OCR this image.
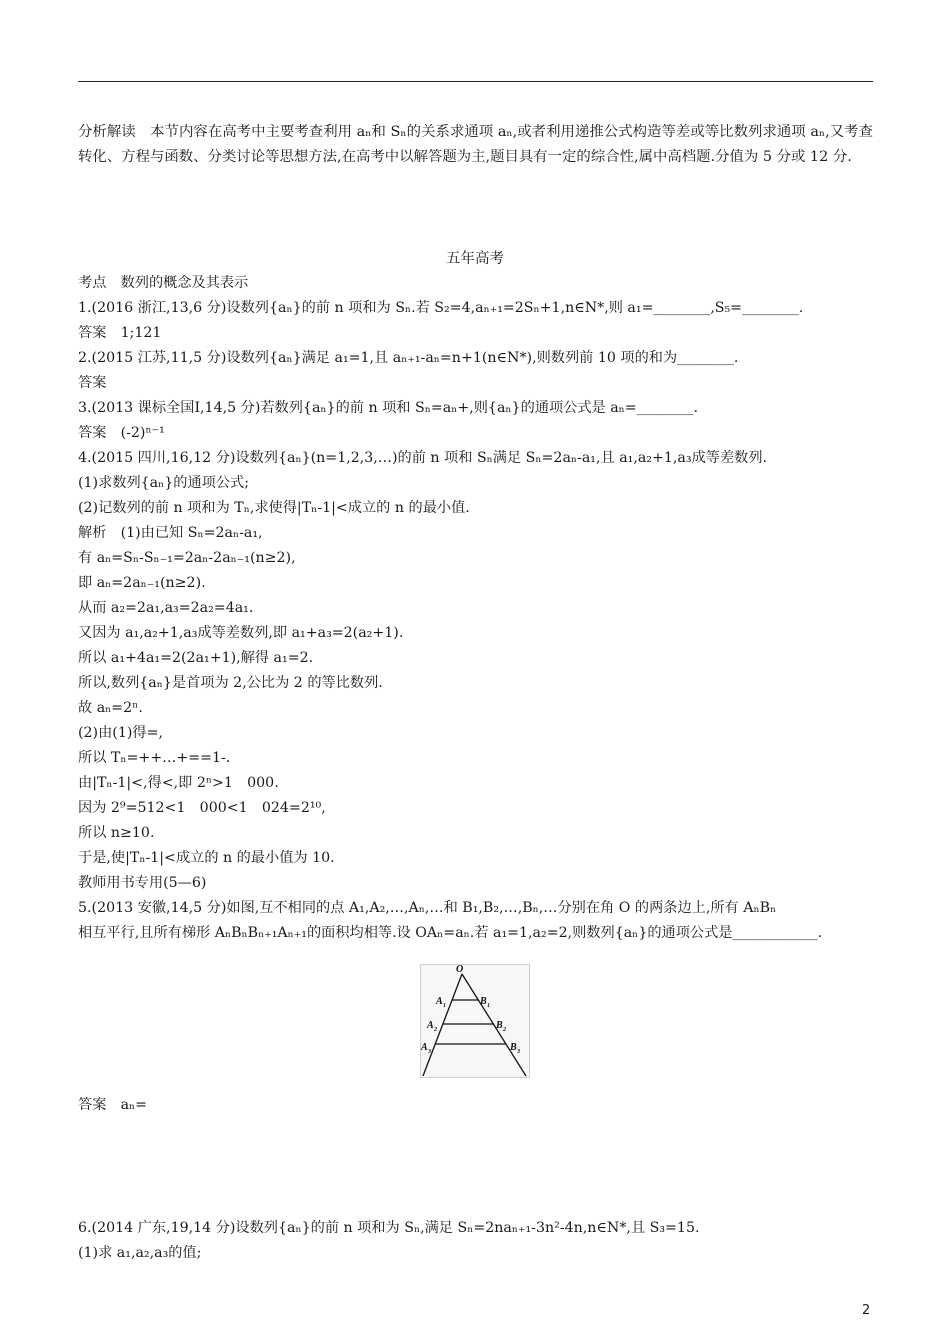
分析解读　本节内容在高考中主要考查利用 aₙ和 Sₙ的关系求通项 aₙ,或者利用递推公式构造等差或等比数列求通项 aₙ,又考查转化、方程与函数、分类讨论等思想方法,在高考中以解答题为主,题目具有一定的综合性,属中高档题.分值为 5 分或 12 分.
五年高考
考点　数列的概念及其表示
1.(2016 浙江,13,6 分)设数列{aₙ}的前 n 项和为 Sₙ.若 S₂=4,aₙ₊₁=2Sₙ+1,n∈N*,则 a₁=________,S₅=________.
答案　1;121
2.(2015 江苏,11,5 分)设数列{aₙ}满足 a₁=1,且 aₙ₊₁-aₙ=n+1(n∈N*),则数列前 10 项的和为________.
答案
3.(2013 课标全国Ⅰ,14,5 分)若数列{aₙ}的前 n 项和 Sₙ=aₙ+,则{aₙ}的通项公式是 aₙ=________.
答案　(-2)ⁿ⁻¹
4.(2015 四川,16,12 分)设数列{aₙ}(n=1,2,3,…)的前 n 项和 Sₙ满足 Sₙ=2aₙ-a₁,且 a₁,a₂+1,a₃成等差数列.
(1)求数列{aₙ}的通项公式;
(2)记数列的前 n 项和为 Tₙ,求使得|Tₙ-1|<成立的 n 的最小值.
解析　(1)由已知 Sₙ=2aₙ-a₁,
有 aₙ=Sₙ-Sₙ₋₁=2aₙ-2aₙ₋₁(n≥2),
即 aₙ=2aₙ₋₁(n≥2).
从而 a₂=2a₁,a₃=2a₂=4a₁.
又因为 a₁,a₂+1,a₃成等差数列,即 a₁+a₃=2(a₂+1).
所以 a₁+4a₁=2(2a₁+1),解得 a₁=2.
所以,数列{aₙ}是首项为 2,公比为 2 的等比数列.
故 aₙ=2ⁿ.
(2)由(1)得=,
所以 Tₙ=++…+==1-.
由|Tₙ-1|<,得<,即 2ⁿ>1　000.
因为 2⁹=512<1　000<1　024=2¹⁰,
所以 n≥10.
于是,使|Tₙ-1|<成立的 n 的最小值为 10.
教师用书专用(5—6)
5.(2013 安徽,14,5 分)如图,互不相同的点 A₁,A₂,…,Aₙ,…和 B₁,B₂,…,Bₙ,…分别在角 O 的两条边上,所有 AₙBₙ
相互平行,且所有梯形 AₙBₙBₙ₊₁Aₙ₊₁的面积均相等.设 OAₙ=aₙ.若 a₁=1,a₂=2,则数列{aₙ}的通项公式是____________.
O
A 1	B 1
A 2	B 2
A 3	B 3
答案　aₙ=
6.(2014 广东,19,14 分)设数列{aₙ}的前 n 项和为 Sₙ,满足 Sₙ=2naₙ₊₁-3n²-4n,n∈N*,且 S₃=15.
(1)求 a₁,a₂,a₃的值;
2
